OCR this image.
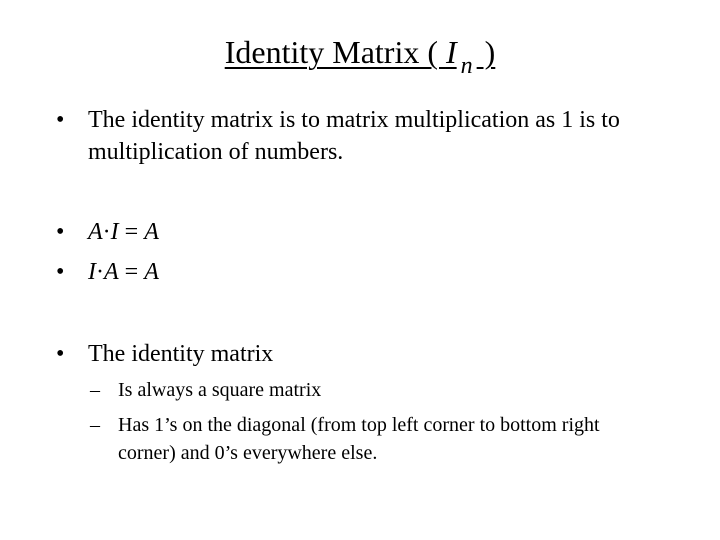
Identity Matrix ( I $_n$ )
• The identity matrix is to matrix multiplication as 1 is to multiplication of numbers.
• A·I = A
• I·A = A
• The identity matrix
– Is always a square matrix
– Has 1’s on the diagonal (from top left corner to bottom right corner) and 0’s everywhere else.
